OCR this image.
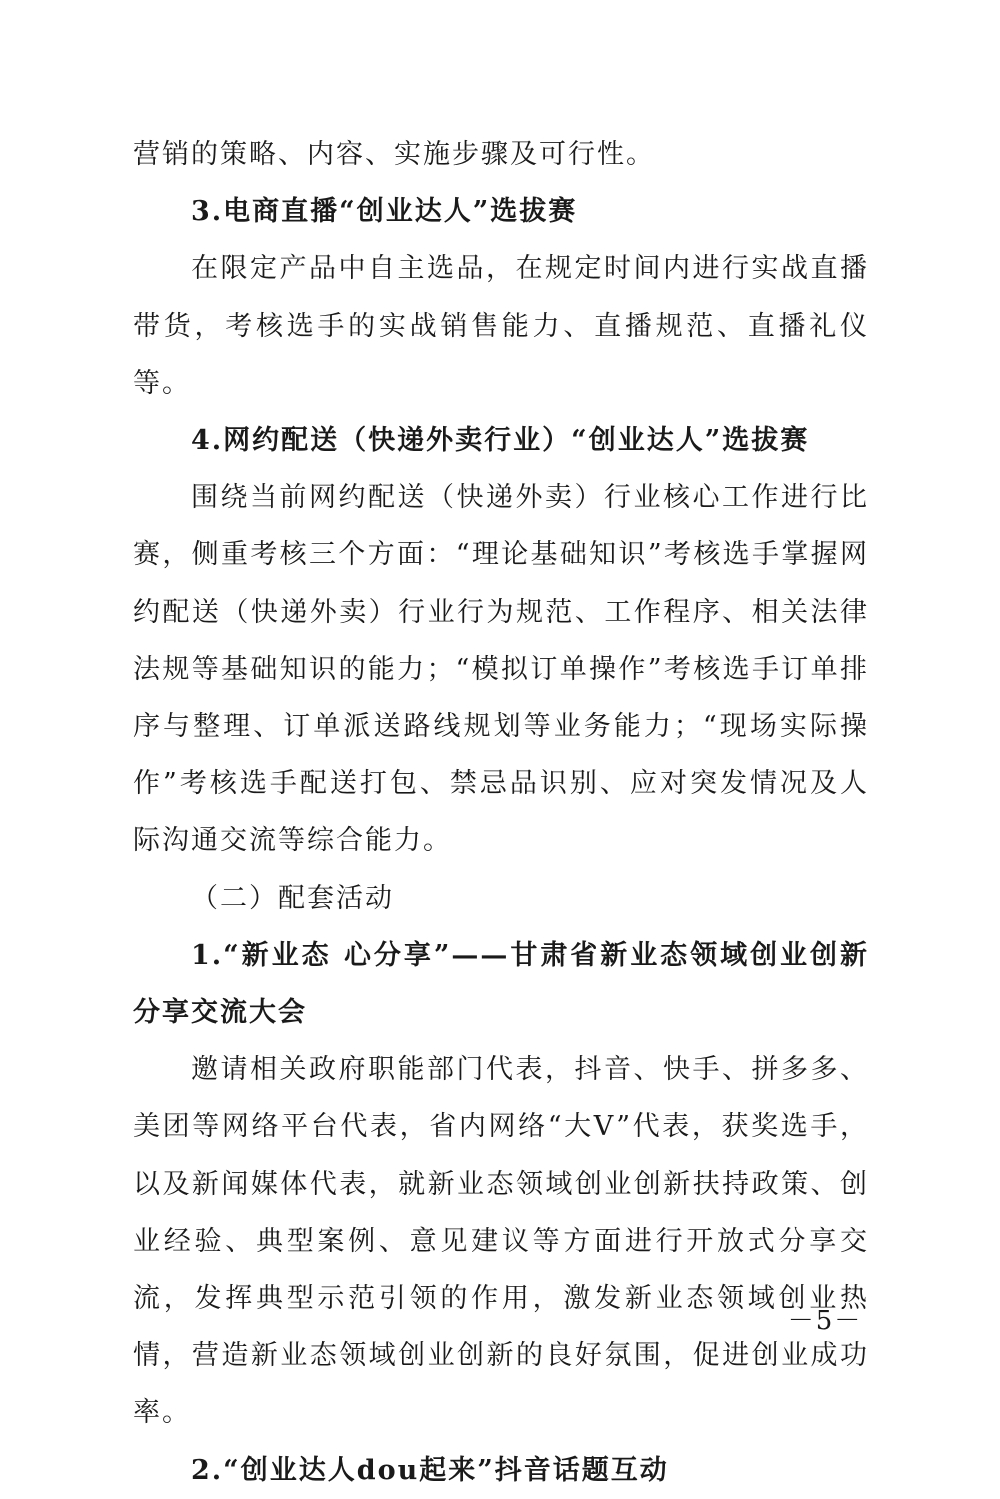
营销的策略、内容、实施步骤及可行性。

3.电商直播“创业达人”选拔赛

在限定产品中自主选品，在规定时间内进行实战直播带货，考核选手的实战销售能力、直播规范、直播礼仪等。

4.网约配送（快递外卖行业）“创业达人”选拔赛

围绕当前网约配送（快递外卖）行业核心工作进行比赛，侧重考核三个方面：“理论基础知识”考核选手掌握网约配送（快递外卖）行业行为规范、工作程序、相关法律法规等基础知识的能力；“模拟订单操作”考核选手订单排序与整理、订单派送路线规划等业务能力；“现场实际操作”考核选手配送打包、禁忌品识别、应对突发情况及人际沟通交流等综合能力。

（二）配套活动

1.“新业态 心分享”——甘肃省新业态领域创业创新分享交流大会

邀请相关政府职能部门代表，抖音、快手、拼多多、美团等网络平台代表，省内网络“大V”代表，获奖选手，以及新闻媒体代表，就新业态领域创业创新扶持政策、创业经验、典型案例、意见建议等方面进行开放式分享交流，发挥典型示范引领的作用，激发新业态领域创业热情，营造新业态领域创业创新的良好氛围，促进创业成功率。

2.“创业达人dou起来”抖音话题互动

－5－
